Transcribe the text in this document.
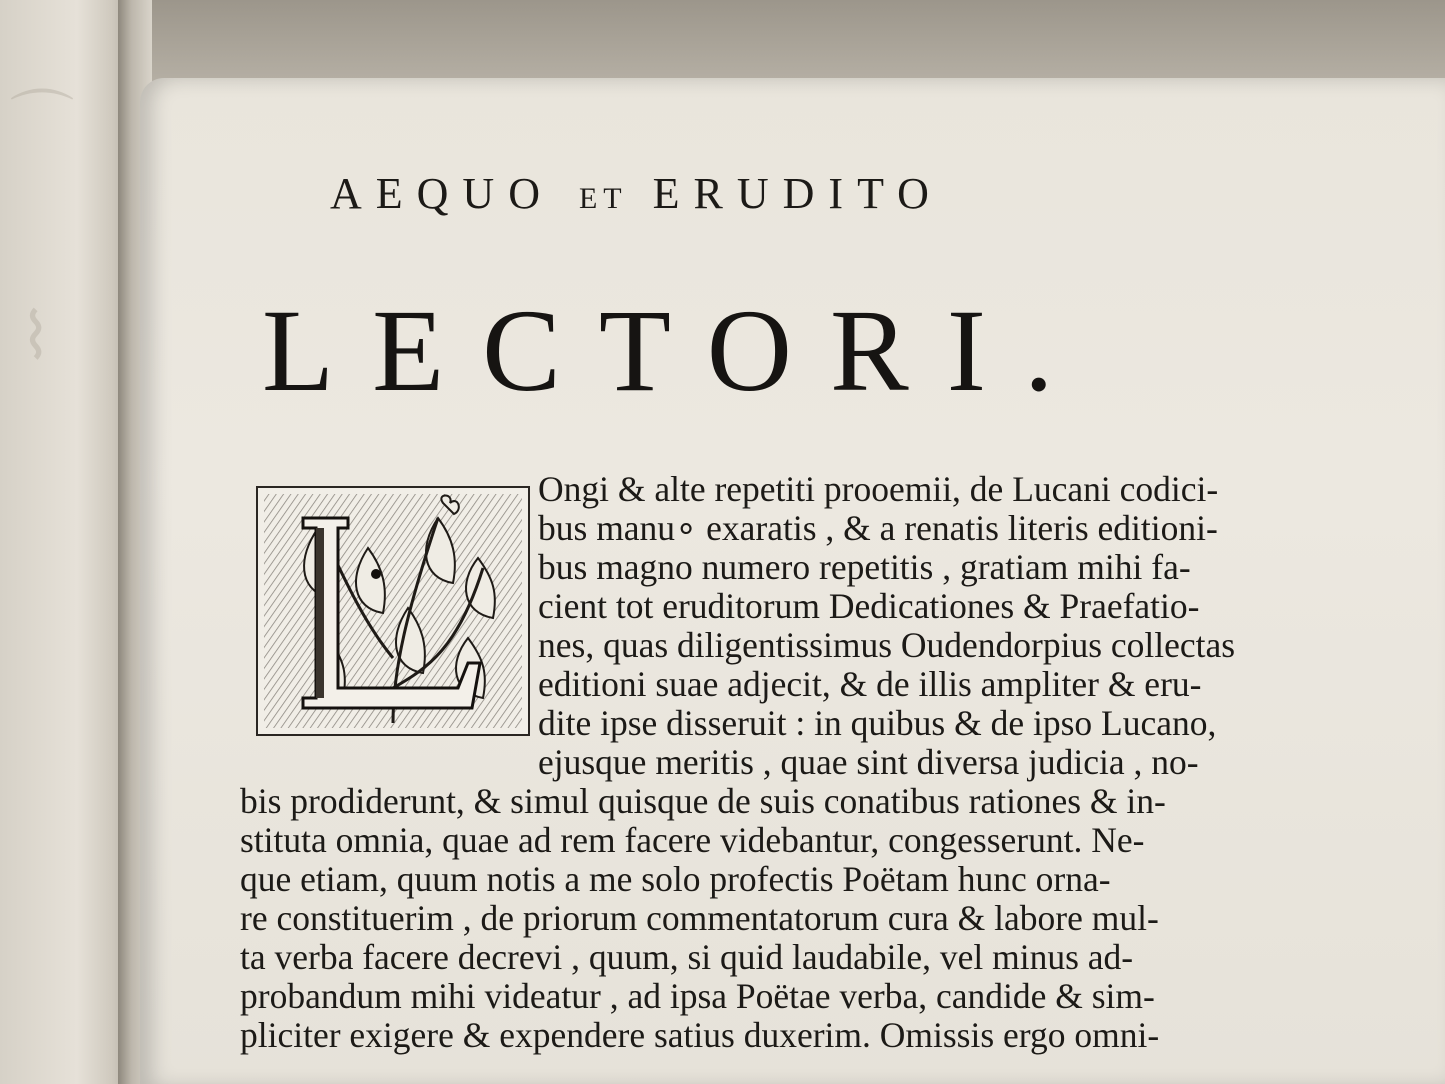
⌒
⌇
AEQUO ET ERUDITO
LECTORI.
Ongi & alte repetiti prooemii, de Lucani codici-
bus manu∘ exaratis , & a renatis literis editioni-
bus magno numero repetitis , gratiam mihi fa-
cient tot eruditorum Dedicationes & Praefatio-
nes, quas diligentissimus Oudendorpius collectas
editioni suae adjecit, & de illis ampliter & eru-
dite ipse disseruit : in quibus & de ipso Lucano,
ejusque meritis , quae sint diversa judicia , no-
bis prodiderunt, & simul quisque de suis conatibus rationes & in-
stituta omnia, quae ad rem facere videbantur, congesserunt. Ne-
que etiam, quum notis a me solo profectis Poëtam hunc orna-
re constituerim , de priorum commentatorum cura & labore mul-
ta verba facere decrevi , quum, si quid laudabile, vel minus ad-
probandum mihi videatur , ad ipsa Poëtae verba, candide & sim-
pliciter exigere & expendere satius duxerim. Omissis ergo omni-
